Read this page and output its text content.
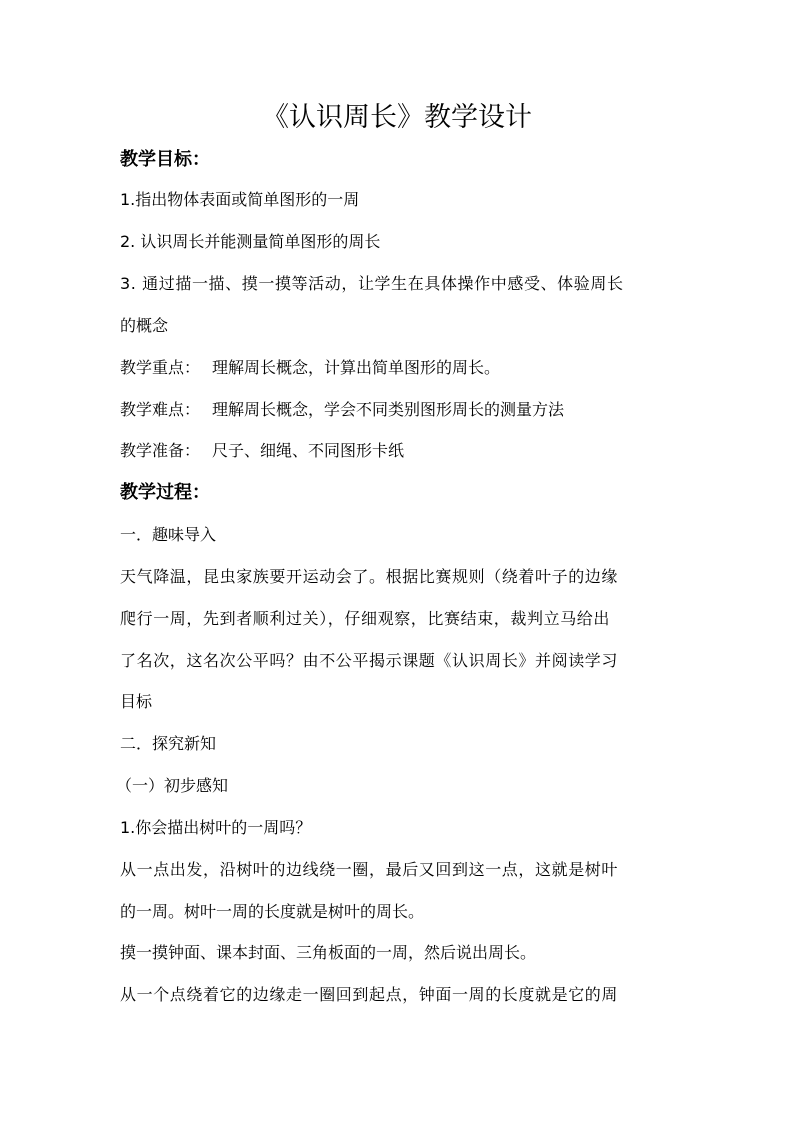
《认识周长》教学设计
教学目标：
1.指出物体表面或简单图形的一周
2. 认识周长并能测量简单图形的周长
3. 通过描一描、摸一摸等活动，让学生在具体操作中感受、体验周长
的概念
教学重点： 理解周长概念，计算出简单图形的周长。
教学难点： 理解周长概念，学会不同类别图形周长的测量方法
教学准备： 尺子、细绳、不同图形卡纸
教学过程：
一．趣味导入
天气降温，昆虫家族要开运动会了。根据比赛规则（绕着叶子的边缘
爬行一周，先到者顺利过关），仔细观察，比赛结束，裁判立马给出
了名次，这名次公平吗？由不公平揭示课题《认识周长》并阅读学习
目标
二．探究新知
（一）初步感知
1.你会描出树叶的一周吗？
从一点出发，沿树叶的边线绕一圈，最后又回到这一点，这就是树叶
的一周。树叶一周的长度就是树叶的周长。
摸一摸钟面、课本封面、三角板面的一周，然后说出周长。
从一个点绕着它的边缘走一圈回到起点，钟面一周的长度就是它的周
